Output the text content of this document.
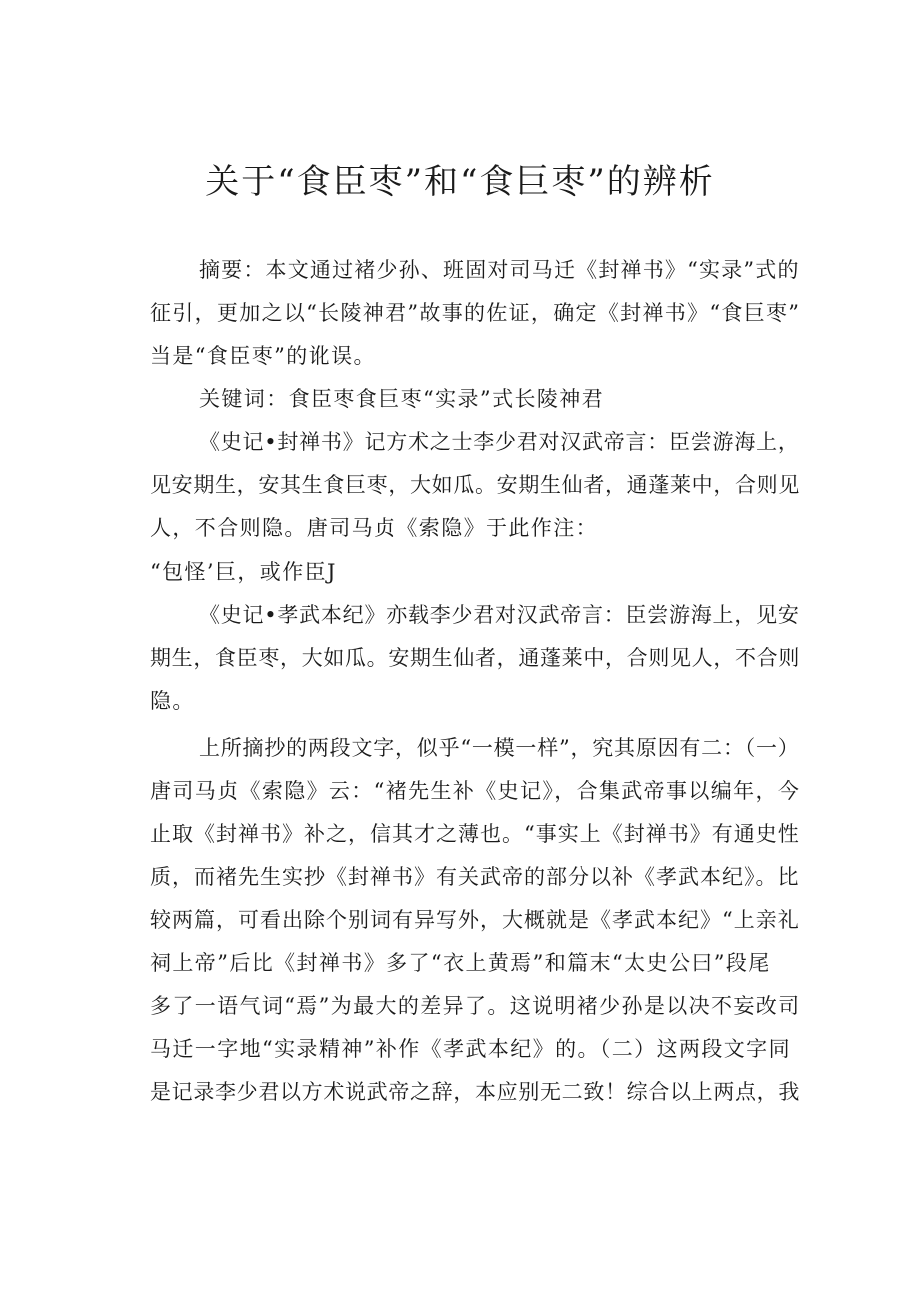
关于“食臣枣”和“食巨枣”的辨析
摘要：本文通过褚少孙、班固对司马迁《封禅书》“实录”式的
征引，更加之以“长陵神君”故事的佐证，确定《封禅书》“食巨枣”
当是“食臣枣”的讹误。
关键词：食臣枣食巨枣“实录”式长陵神君
《史记•封禅书》记方术之士李少君对汉武帝言：臣尝游海上，
见安期生，安其生食巨枣，大如瓜。安期生仙者，通蓬莱中，合则见
人，不合则隐。唐司马贞《索隐》于此作注：
“包怪’巨，或作臣J
《史记•孝武本纪》亦载李少君对汉武帝言：臣尝游海上，见安
期生，食臣枣，大如瓜。安期生仙者，通蓬莱中，合则见人，不合则
隐。
上所摘抄的两段文字，似乎“一模一样”，究其原因有二：（一）
唐司马贞《索隐》云：“褚先生补《史记》，合集武帝事以编年，今
止取《封禅书》补之，信其才之薄也。“事实上《封禅书》有通史性
质，而褚先生实抄《封禅书》有关武帝的部分以补《孝武本纪》。比
较两篇，可看出除个别词有异写外，大概就是《孝武本纪》“上亲礼
祠上帝”后比《封禅书》多了“衣上黄焉”和篇末“太史公曰”段尾
多了一语气词“焉”为最大的差异了。这说明褚少孙是以决不妄改司
马迁一字地“实录精神”补作《孝武本纪》的。（二）这两段文字同
是记录李少君以方术说武帝之辞，本应别无二致！综合以上两点，我
